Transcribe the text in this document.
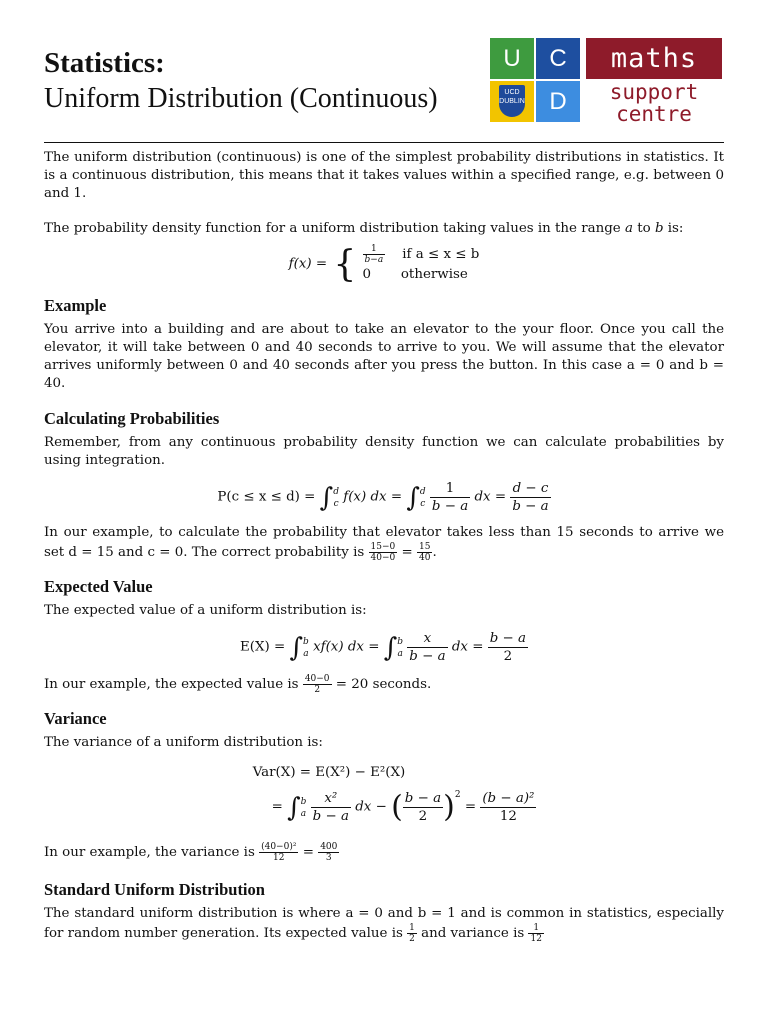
Statistics:
Uniform Distribution (Continuous)
U	C
UCD DUBLIN	D
maths
support
centre

The uniform distribution (continuous) is one of the simplest probability distributions in statistics. It is a continuous distribution, this means that it takes values within a specified range, e.g. between 0 and 1.

The probability density function for a uniform distribution taking values in the range a to b is:

f(x) = { $\frac{1}{b-a}$ if a ≤ x ≤ b
0 otherwise
Example

You arrive into a building and are about to take an elevator to the your floor. Once you call the elevator, it will take between 0 and 40 seconds to arrive to you. We will assume that the elevator arrives uniformly between 0 and 40 seconds after you press the button. In this case a = 0 and b = 40.

Calculating Probabilities

Remember, from any continuous probability density function we can calculate probabilities by using integration.

P(c ≤ x ≤ d) = ∫ d
c f(x) dx = ∫ d
c
$\frac{1}{b - a}$ dx = $\frac{d - c}{b - a}$

In our example, to calculate the probability that elevator takes less than 15 seconds to arrive we set d = 15 and c = 0. The correct probability is $\frac{15-0}{40-0} = \frac{15}{40}$ .

Expected Value

The expected value of a uniform distribution is:

E(X) = ∫ b
a xf(x) dx = ∫ b
a
$\frac{x}{b - a}$ dx = $\frac{b - a}{2}$

In our example, the expected value is $\frac{40-0}{2} = 20$ seconds.

Variance

The variance of a uniform distribution is:

Var(X) = E(X²) − E²(X)
= ∫ b
a
$\frac{\text{x²}}{b - a}$ dx − ( $\frac{b - a}{2} )^2 = \frac{\text{(b − a)²}}{12}$

In our example, the variance is $\frac{\text{(40−0)²}}{12} = \frac{400}{3}$

Standard Uniform Distribution

The standard uniform distribution is where a = 0 and b = 1 and is common in statistics, especially for random number generation. Its expected value is $\frac{1}{2}$ and variance is $\frac{1}{12}$
